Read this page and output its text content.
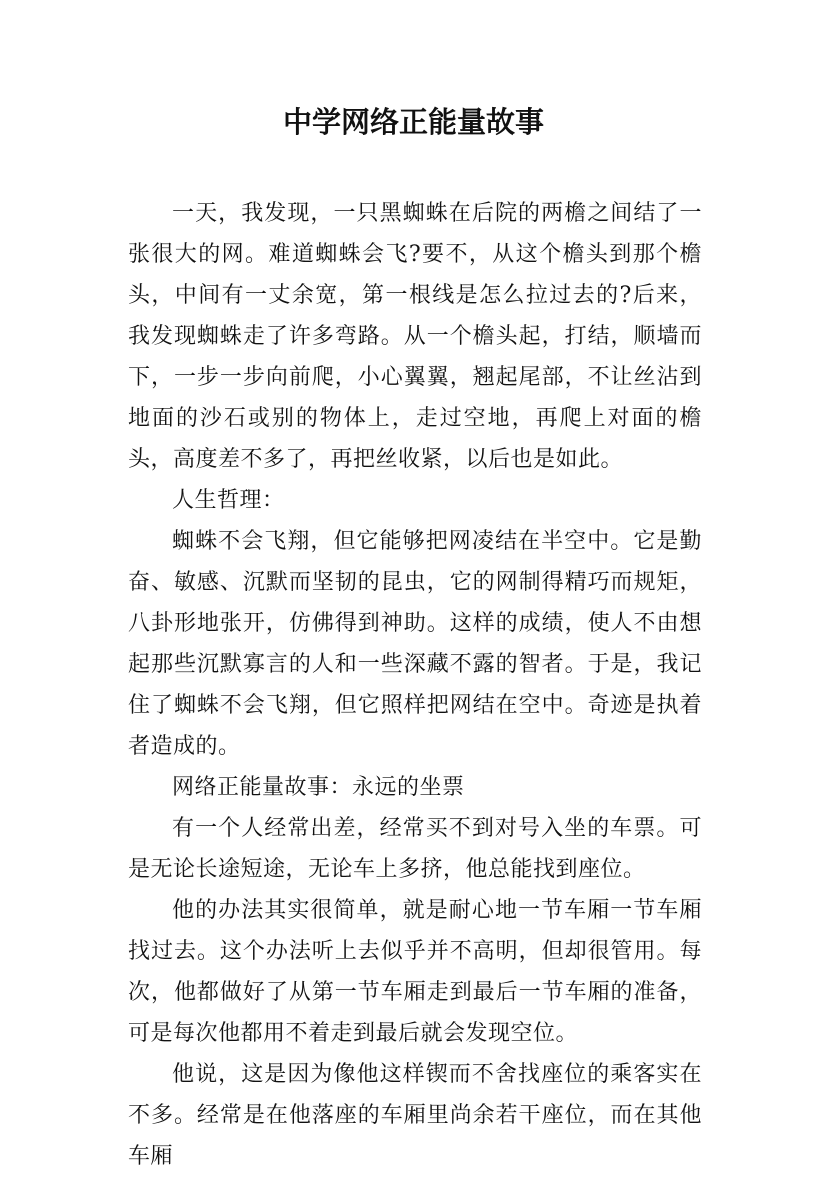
中学网络正能量故事

一天，我发现，一只黑蜘蛛在后院的两檐之间结了一张很大的网。难道蜘蛛会飞?要不，从这个檐头到那个檐头，中间有一丈余宽，第一根线是怎么拉过去的?后来，我发现蜘蛛走了许多弯路。从一个檐头起，打结，顺墙而下，一步一步向前爬，小心翼翼，翘起尾部，不让丝沾到地面的沙石或别的物体上，走过空地，再爬上对面的檐头，高度差不多了，再把丝收紧，以后也是如此。

人生哲理：

蜘蛛不会飞翔，但它能够把网凌结在半空中。它是勤奋、敏感、沉默而坚韧的昆虫，它的网制得精巧而规矩，八卦形地张开，仿佛得到神助。这样的成绩，使人不由想起那些沉默寡言的人和一些深藏不露的智者。于是，我记住了蜘蛛不会飞翔，但它照样把网结在空中。奇迹是执着者造成的。

网络正能量故事：永远的坐票

有一个人经常出差，经常买不到对号入坐的车票。可是无论长途短途，无论车上多挤，他总能找到座位。

他的办法其实很简单，就是耐心地一节车厢一节车厢找过去。这个办法听上去似乎并不高明，但却很管用。每次，他都做好了从第一节车厢走到最后一节车厢的准备，可是每次他都用不着走到最后就会发现空位。

他说，这是因为像他这样锲而不舍找座位的乘客实在不多。经常是在他落座的车厢里尚余若干座位，而在其他车厢
